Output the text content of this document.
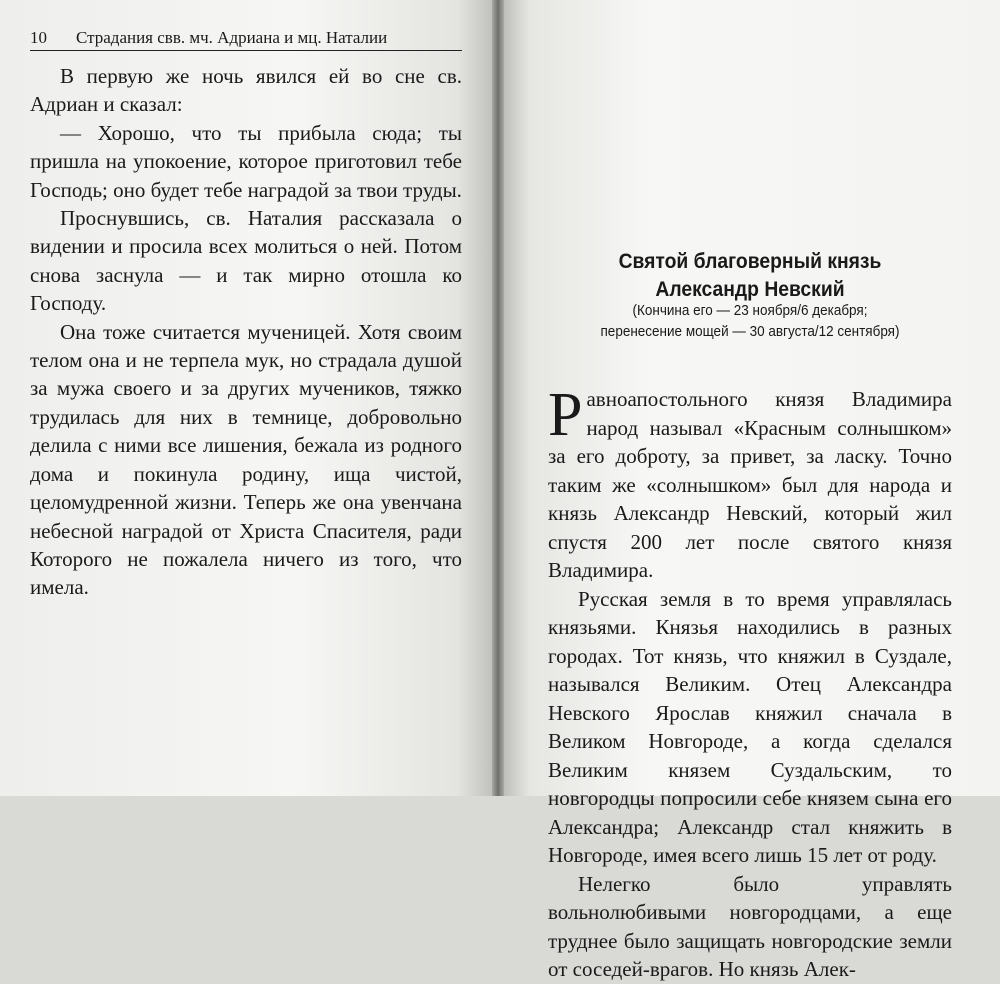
10 Страдания свв. мч. Адриана и мц. Наталии

В первую же ночь явился ей во сне св. Адриан и сказал:

— Хорошо, что ты прибыла сюда; ты пришла на упокоение, которое приготовил тебе Господь; оно будет тебе наградой за твои труды.

Проснувшись, св. Наталия рассказала о видении и просила всех молиться о ней. Потом снова заснула — и так мирно отошла ко Господу.

Она тоже считается мученицей. Хотя своим телом она и не терпела мук, но страдала душой за мужа своего и за других мучеников, тяжко трудилась для них в темнице, добровольно делила с ними все лишения, бежала из родного дома и покинула родину, ища чистой, целомудренной жизни. Теперь же она увенчана небесной наградой от Христа Спасителя, ради Которого не пожалела ничего из того, что имела.

Святой благоверный князь
Александр Невский
(Кончина его — 23 ноября/6 декабря;
перенесение мощей — 30 августа/12 сентября)

Равноапостольного князя Владимира народ называл «Красным солнышком» за его доброту, за привет, за ласку. Точно таким же «солнышком» был для народа и князь Александр Невский, который жил спустя 200 лет после святого князя Владимира.

Русская земля в то время управлялась князьями. Князья находились в разных городах. Тот князь, что княжил в Суздале, назывался Великим. Отец Александра Невского Ярослав княжил сначала в Великом Новгороде, а когда сделался Великим князем Суздальским, то новгородцы попросили себе князем сына его Александра; Александр стал княжить в Новгороде, имея всего лишь 15 лет от роду.

Нелегко было управлять вольнолюбивыми новгородцами, а еще труднее было защищать новгородские земли от соседей-врагов. Но князь Алек-
